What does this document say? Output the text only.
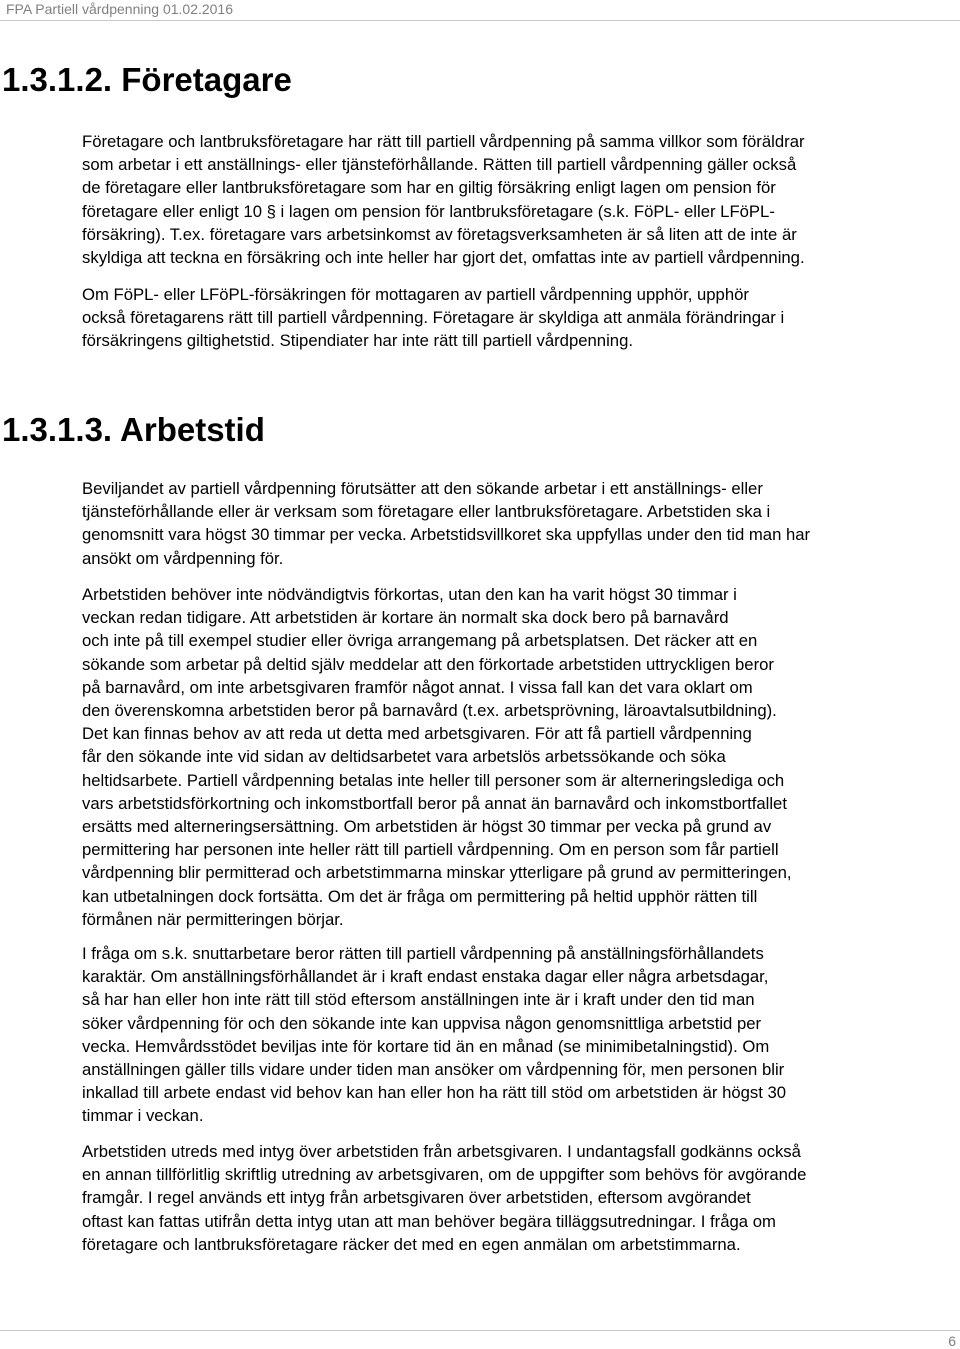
FPA Partiell vårdpenning 01.02.2016
1.3.1.2. Företagare

Företagare och lantbruksföretagare har rätt till partiell vårdpenning på samma villkor som föräldrar
som arbetar i ett anställnings- eller tjänsteförhållande. Rätten till partiell vårdpenning gäller också
de företagare eller lantbruksföretagare som har en giltig försäkring enligt lagen om pension för
företagare eller enligt 10 § i lagen om pension för lantbruksföretagare (s.k. FöPL- eller LFöPL-
försäkring). T.ex. företagare vars arbetsinkomst av företagsverksamheten är så liten att de inte är
skyldiga att teckna en försäkring och inte heller har gjort det, omfattas inte av partiell vårdpenning.

Om FöPL- eller LFöPL-försäkringen för mottagaren av partiell vårdpenning upphör, upphör
också företagarens rätt till partiell vårdpenning. Företagare är skyldiga att anmäla förändringar i
försäkringens giltighetstid. Stipendiater har inte rätt till partiell vårdpenning.

1.3.1.3. Arbetstid

Beviljandet av partiell vårdpenning förutsätter att den sökande arbetar i ett anställnings- eller
tjänsteförhållande eller är verksam som företagare eller lantbruksföretagare. Arbetstiden ska i
genomsnitt vara högst 30 timmar per vecka. Arbetstidsvillkoret ska uppfyllas under den tid man har
ansökt om vårdpenning för.

Arbetstiden behöver inte nödvändigtvis förkortas, utan den kan ha varit högst 30 timmar i
veckan redan tidigare. Att arbetstiden är kortare än normalt ska dock bero på barnavård
och inte på till exempel studier eller övriga arrangemang på arbetsplatsen. Det räcker att en
sökande som arbetar på deltid själv meddelar att den förkortade arbetstiden uttryckligen beror
på barnavård, om inte arbetsgivaren framför något annat. I vissa fall kan det vara oklart om
den överenskomna arbetstiden beror på barnavård (t.ex. arbetsprövning, läroavtalsutbildning).
Det kan finnas behov av att reda ut detta med arbetsgivaren. För att få partiell vårdpenning
får den sökande inte vid sidan av deltidsarbetet vara arbetslös arbetssökande och söka
heltidsarbete. Partiell vårdpenning betalas inte heller till personer som är alterneringslediga och
vars arbetstidsförkortning och inkomstbortfall beror på annat än barnavård och inkomstbortfallet
ersätts med alterneringsersättning. Om arbetstiden är högst 30 timmar per vecka på grund av
permittering har personen inte heller rätt till partiell vårdpenning. Om en person som får partiell
vårdpenning blir permitterad och arbetstimmarna minskar ytterligare på grund av permitteringen,
kan utbetalningen dock fortsätta. Om det är fråga om permittering på heltid upphör rätten till
förmånen när permitteringen börjar.

I fråga om s.k. snuttarbetare beror rätten till partiell vårdpenning på anställningsförhållandets
karaktär. Om anställningsförhållandet är i kraft endast enstaka dagar eller några arbetsdagar,
så har han eller hon inte rätt till stöd eftersom anställningen inte är i kraft under den tid man
söker vårdpenning för och den sökande inte kan uppvisa någon genomsnittliga arbetstid per
vecka. Hemvårdsstödet beviljas inte för kortare tid än en månad (se minimibetalningstid). Om
anställningen gäller tills vidare under tiden man ansöker om vårdpenning för, men personen blir
inkallad till arbete endast vid behov kan han eller hon ha rätt till stöd om arbetstiden är högst 30
timmar i veckan.

Arbetstiden utreds med intyg över arbetstiden från arbetsgivaren. I undantagsfall godkänns också
en annan tillförlitlig skriftlig utredning av arbetsgivaren, om de uppgifter som behövs för avgörande
framgår. I regel används ett intyg från arbetsgivaren över arbetstiden, eftersom avgörandet
oftast kan fattas utifrån detta intyg utan att man behöver begära tilläggsutredningar. I fråga om
företagare och lantbruksföretagare räcker det med en egen anmälan om arbetstimmarna.

6
